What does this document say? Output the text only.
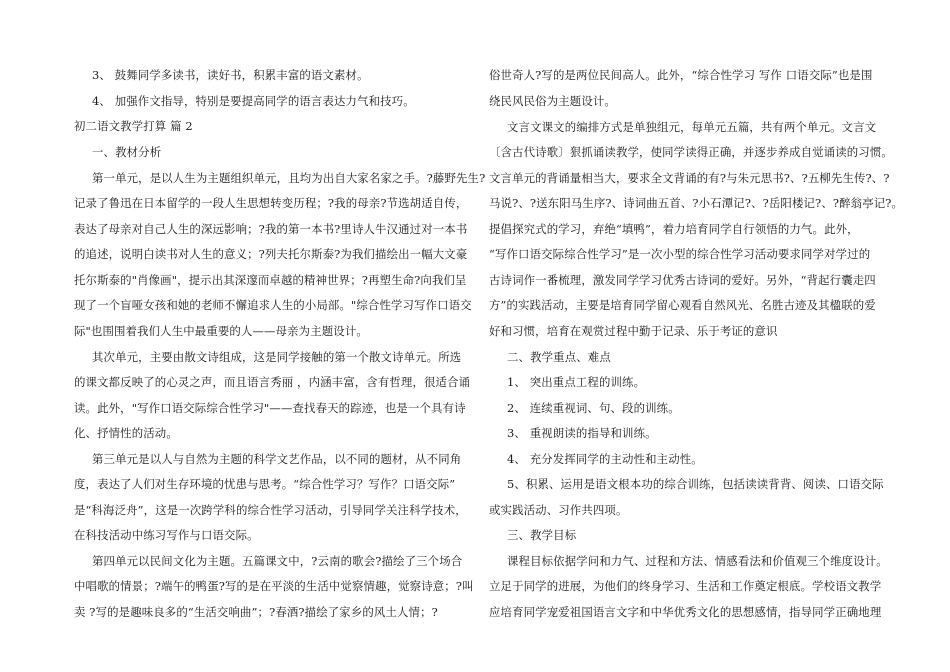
3、 鼓舞同学多读书，读好书，积累丰富的语文素材。
4、 加强作文指导，特别是要提高同学的语言表达力气和技巧。
初二语文教学打算 篇 2
一、教材分析
第一单元，是以人生为主题组织单元，且均为出自大家名家之手。?藤野先生?
记录了鲁迅在日本留学的一段人生思想转变历程；?我的母亲?节选胡适自传，
表达了母亲对自己人生的深远影响；?我的第一本书?里诗人牛汉通过对一本书
的追述，说明白读书对人生的意义；?列夫托尔斯泰?为我们描绘出一幅大文豪
托尔斯泰的"肖像画"，提示出其深邃而卓越的精神世界；?再塑生命?向我们呈
现了一个盲哑女孩和她的老师不懈追求人生的小局部。"综合性学习写作口语交
际"也围围着我们人生中最重要的人——母亲为主题设计。
其次单元，主要由散文诗组成，这是同学接触的第一个散文诗单元。所选
的课文都反映了的心灵之声，而且语言秀丽 ，内涵丰富，含有哲理，很适合诵
读。此外，"写作口语交际综合性学习"——查找春天的踪迹，也是一个具有诗
化、抒情性的活动。
第三单元是以人与自然为主题的科学文艺作品，以不同的题材，从不同角
度，表达了人们对生存环境的忧患与思考。“综合性学习？写作？口语交际”
是“科海泛舟”，这是一次跨学科的综合性学习活动，引导同学关注科学技术，
在科技活动中练习写作与口语交际。
第四单元以民间文化为主题。五篇课文中，?云南的歌会?描绘了三个场合
中唱歌的情景；?端午的鸭蛋?写的是在平淡的生活中觉察情趣，觉察诗意；?叫
卖 ?写的是趣味良多的“生活交响曲”；?春酒?描绘了家乡的风土人情；?
俗世奇人?写的是两位民间高人。此外，“综合性学习 写作 口语交际”也是围
绕民风民俗为主题设计。
文言文课文的编排方式是单独组元，每单元五篇，共有两个单元。文言文
〔含古代诗歌〕狠抓诵读教学，使同学读得正确，并逐步养成自觉诵读的习惯。
文言单元的背诵量相当大，要求全文背诵的有?与朱元思书?、?五柳先生传?、?
马说?、?送东阳马生序?、诗词曲五首、?小石潭记?、?岳阳楼记?、?醉翁亭记?。
提倡探究式的学习，弃绝“填鸭”，着力培育同学自行领悟的力气。此外，
“写作口语交际综合性学习”是一次小型的综合性学习活动要求同学对学过的
古诗词作一番梳理，激发同学学习优秀古诗词的爱好。另外，“背起行囊走四
方”的实践活动，主要是培育同学留心观看自然风光、名胜古迹及其楹联的爱
好和习惯，培育在观赏过程中勤于记录、乐于考证的意识
二、教学重点、难点
1、 突出重点工程的训练。
2、 连续重视词、句、段的训练。
3、 重视朗读的指导和训练。
4、 充分发挥同学的主动性和主动性。
5、积累、运用是语文根本功的综合训练，包括读读背背、阅读、口语交际
或实践活动、习作共四项。
三、教学目标
课程目标依据学问和力气、过程和方法、情感看法和价值观三个维度设计。
立足于同学的进展，为他们的终身学习、生活和工作奠定根底。学校语文教学
应培育同学宠爱祖国语言文字和中华优秀文化的思想感情，指导同学正确地理
